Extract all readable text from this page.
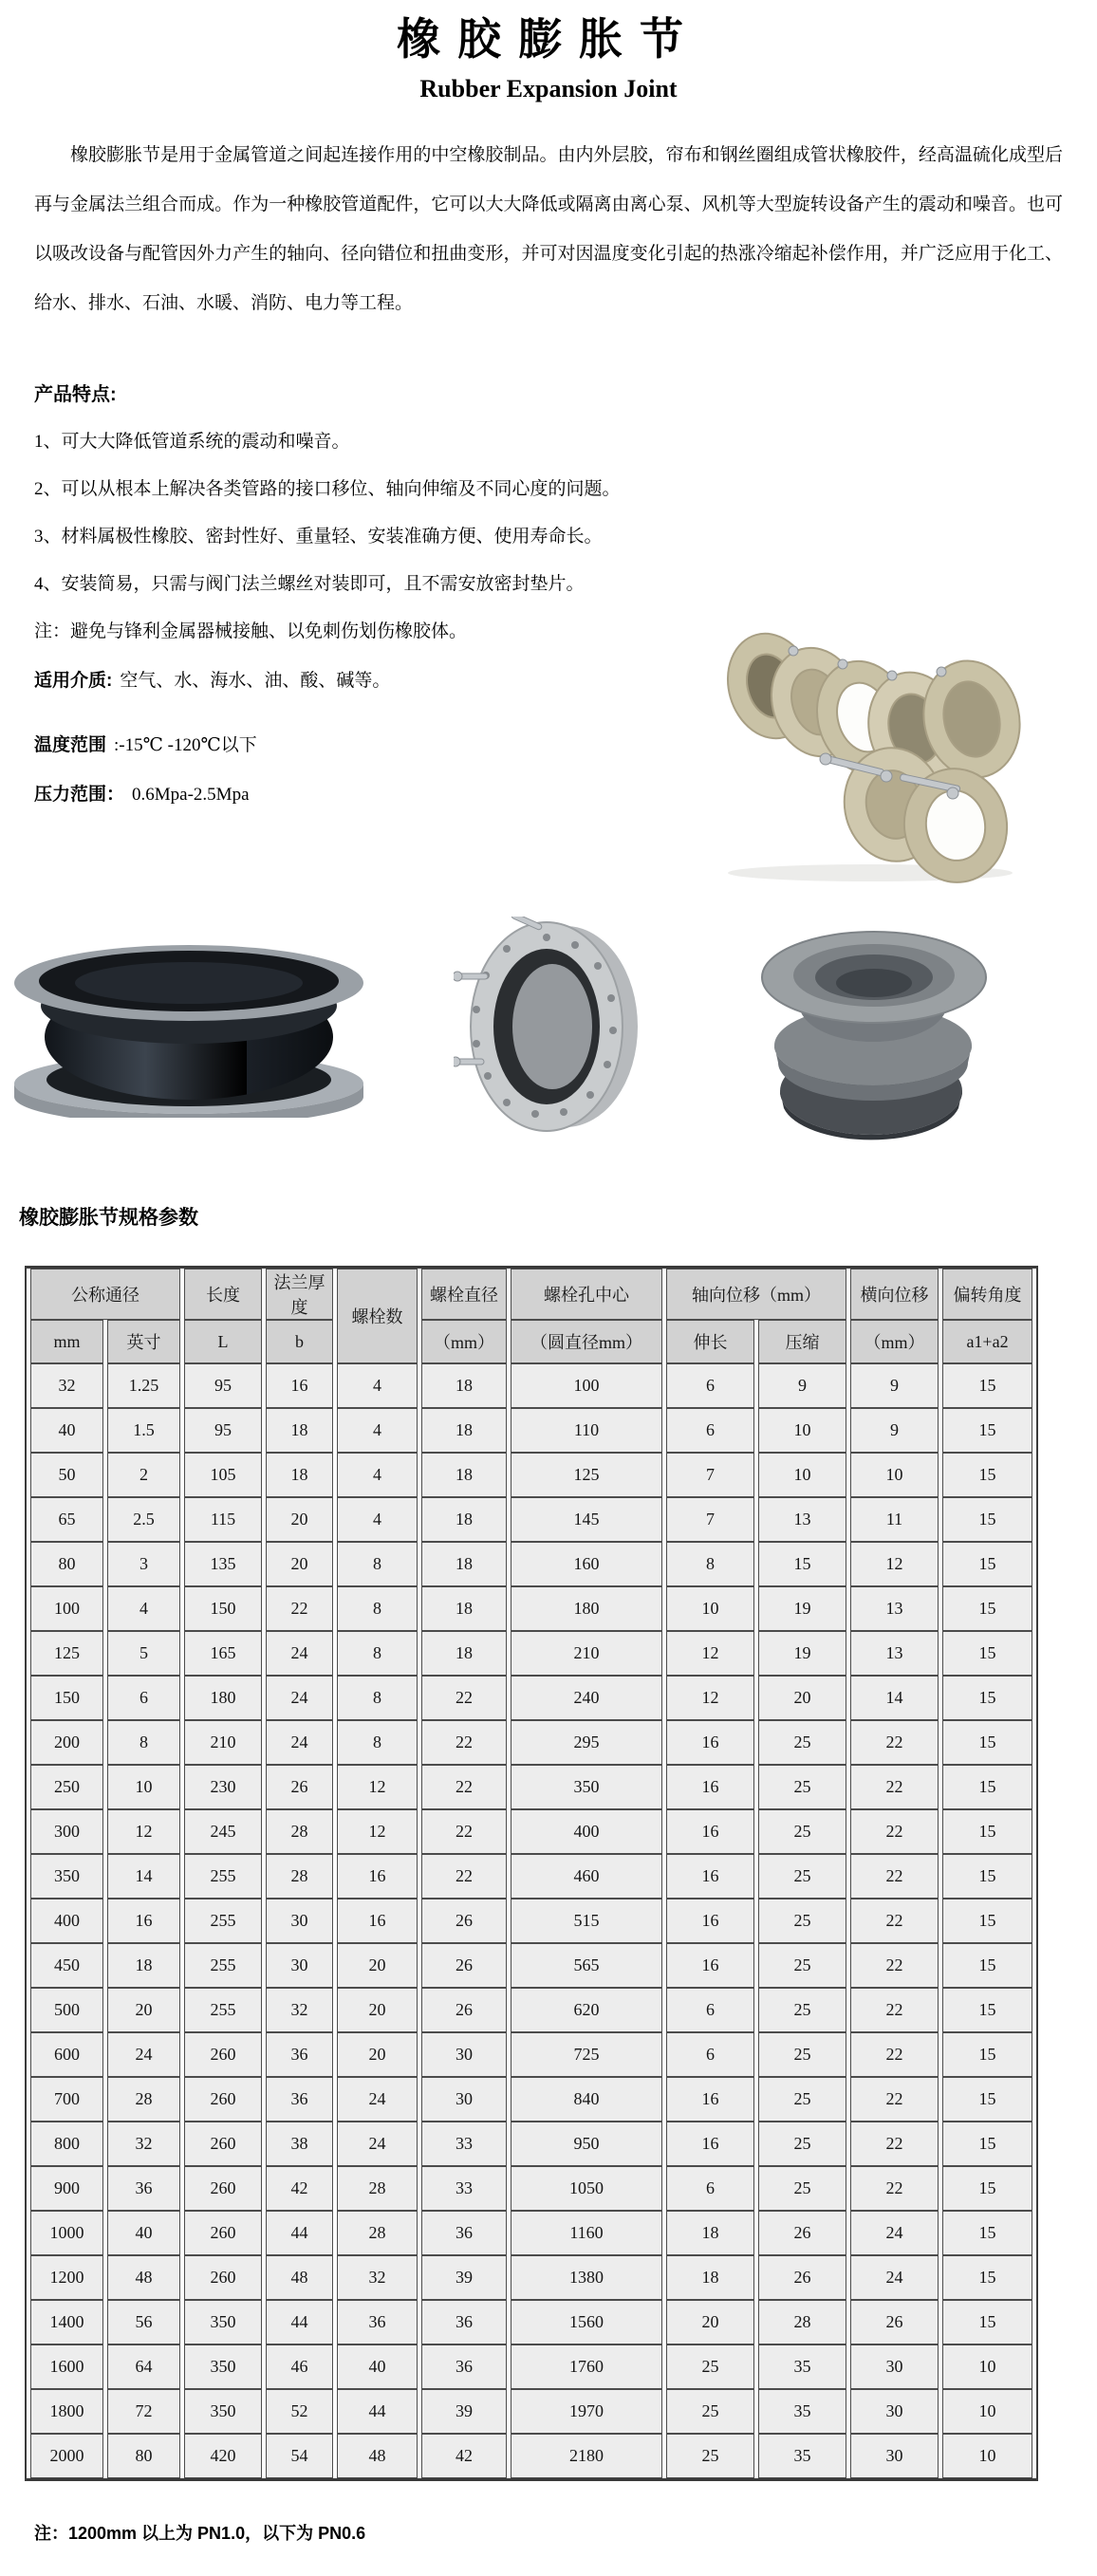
橡胶膨胀节
Rubber Expansion Joint

橡胶膨胀节是用于金属管道之间起连接作用的中空橡胶制品。由内外层胶，帘布和钢丝圈组成管状橡胶件，经高温硫化成型后再与金属法兰组合而成。作为一种橡胶管道配件，它可以大大降低或隔离由离心泵、风机等大型旋转设备产生的震动和噪音。也可以吸改设备与配管因外力产生的轴向、径向错位和扭曲变形，并可对因温度变化引起的热涨冷缩起补偿作用，并广泛应用于化工、给水、排水、石油、水暖、消防、电力等工程。

产品特点:
1、可大大降低管道系统的震动和噪音。
2、可以从根本上解决各类管路的接口移位、轴向伸缩及不同心度的问题。
3、材料属极性橡胶、密封性好、重量轻、安装准确方便、使用寿命长。
4、安装简易，只需与阀门法兰螺丝对装即可，且不需安放密封垫片。
注：避免与锋利金属器械接触、以免刺伤划伤橡胶体。
适用介质: 空气、水、海水、油、酸、碱等。
温度范围 :-15℃ -120℃以下
压力范围： 0.6Mpa-2.5Mpa
橡胶膨胀节规格参数
公称通径		长度	法兰厚度	螺栓数	螺栓直径	螺栓孔中心	轴向位移（mm）		横向位移	偏转角度
mm	英寸	L	b		（mm）	（圆直径mm）	伸长	压缩	（mm）	a1+a2
32	1.25	95	16	4	18	100	6	9	9	15
40	1.5	95	18	4	18	110	6	10	9	15
50	2	105	18	4	18	125	7	10	10	15
65	2.5	115	20	4	18	145	7	13	11	15
80	3	135	20	8	18	160	8	15	12	15
100	4	150	22	8	18	180	10	19	13	15
125	5	165	24	8	18	210	12	19	13	15
150	6	180	24	8	22	240	12	20	14	15
200	8	210	24	8	22	295	16	25	22	15
250	10	230	26	12	22	350	16	25	22	15
300	12	245	28	12	22	400	16	25	22	15
350	14	255	28	16	22	460	16	25	22	15
400	16	255	30	16	26	515	16	25	22	15
450	18	255	30	20	26	565	16	25	22	15
500	20	255	32	20	26	620	6	25	22	15
600	24	260	36	20	30	725	6	25	22	15
700	28	260	36	24	30	840	16	25	22	15
800	32	260	38	24	33	950	16	25	22	15
900	36	260	42	28	33	1050	6	25	22	15
1000	40	260	44	28	36	1160	18	26	24	15
1200	48	260	48	32	39	1380	18	26	24	15
1400	56	350	44	36	36	1560	20	28	26	15
1600	64	350	46	40	36	1760	25	35	30	10
1800	72	350	52	44	39	1970	25	35	30	10
2000	80	420	54	48	42	2180	25	35	30	10
注：1200mm 以上为 PN1.0，以下为 PN0.6
